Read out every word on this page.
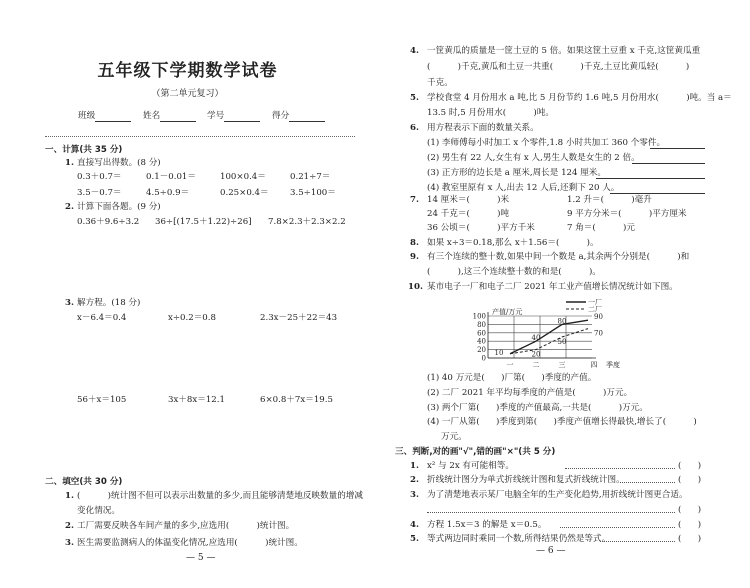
五年级下学期数学试卷
（第二单元复习）
班级	姓名	学号	得分
一、计算(共 35 分)
1. 直接写出得数。(8 分)
0.3＋0.7＝	0.1－0.01＝	100×0.4＝	0.21÷7＝
3.5－0.7＝	4.5÷0.9＝	0.25×0.4＝ 3.5÷100＝
2. 计算下面各题。(9 分)
0.36＋9.6÷3.2 36÷[(17.5＋1.22)÷26] 7.8×2.3＋2.3×2.2
3. 解方程。(18 分)
x－6.4＝0.4	x÷0.2＝0.8	2.3x－25＋22＝43
56＋x＝105	3x＋8x＝12.1	6×0.8＋7x＝19.5
二、填空(共 30 分)
1. (          )统计图不但可以表示出数量的多少,而且能够清楚地反映数量的增减
变化情况。
2. 工厂需要反映各车间产量的多少,应选用(          )统计图。
3. 医生需要监测病人的体温变化情况,应选用(          )统计图。
— 5 —
4. 一筐黄瓜的质量是一筐土豆的 5 倍。如果这筐土豆重 x 千克,这筐黄瓜重
(          )千克,黄瓜和土豆一共重(          )千克,土豆比黄瓜轻(          )
千克。
5. 学校食堂 4 月份用水 a 吨,比 5 月份节约 1.6 吨,5 月份用水(          )吨。当 a＝
13.5 时,5 月份用水(          )吨。
6. 用方程表示下面的数量关系。
(1) 李师傅每小时加工 x 个零件,1.8 小时共加工 360 个零件。
(2) 男生有 22 人,女生有 x 人,男生人数是女生的 2 倍。
(3) 正方形的边长是 a 厘米,周长是 124 厘米。
(4) 教室里原有 x 人,出去 12 人后,还剩下 20 人。
7. 14 厘米＝(          )米	1.2 升＝(          )毫升
24 千克＝(          )吨	9 平方分米＝(          )平方厘米
36 公顷＝(          )平方千米	7 角＝(          )元
8. 如果 x÷3＝0.18,那么 x＋1.56＝(          )。
9. 有三个连续的整十数,如果中间一个数是 a,其余两个分别是(          )和
(          ),这三个连续整十数的和是(          )。
10. 某市电子一厂和电子二厂 2021 年工业产值增长情况统计如下图。
0
20
40
60
80
100
产值/万元
一	二	三	四 季度
10
40
80
90
一厂
20
50
70
二厂
(1) 40 万元是(      )厂第(      )季度的产值。
(2) 二厂 2021 年平均每季度的产值是(          )万元。
(3) 两个厂第(      )季度的产值最高,一共是(          )万元。
(4) 一厂从第(      )季度到第(      )季度产值增长得最快,增长了(          )
万元。
三、判断,对的画"√",错的画"×"(共 5 分)
1. x² 与 2x 有可能相等。	(      )
2. 折线统计图分为单式折线统计图和复式折线统计图。	(      )
3. 为了清楚地表示某厂电脑全年的生产变化趋势,用折线统计图更合适。
(      )
4. 方程 1.5x＝3 的解是 x＝0.5。	(      )
5. 等式两边同时乘同一个数,所得结果仍然是等式。	(      )
— 6 —
